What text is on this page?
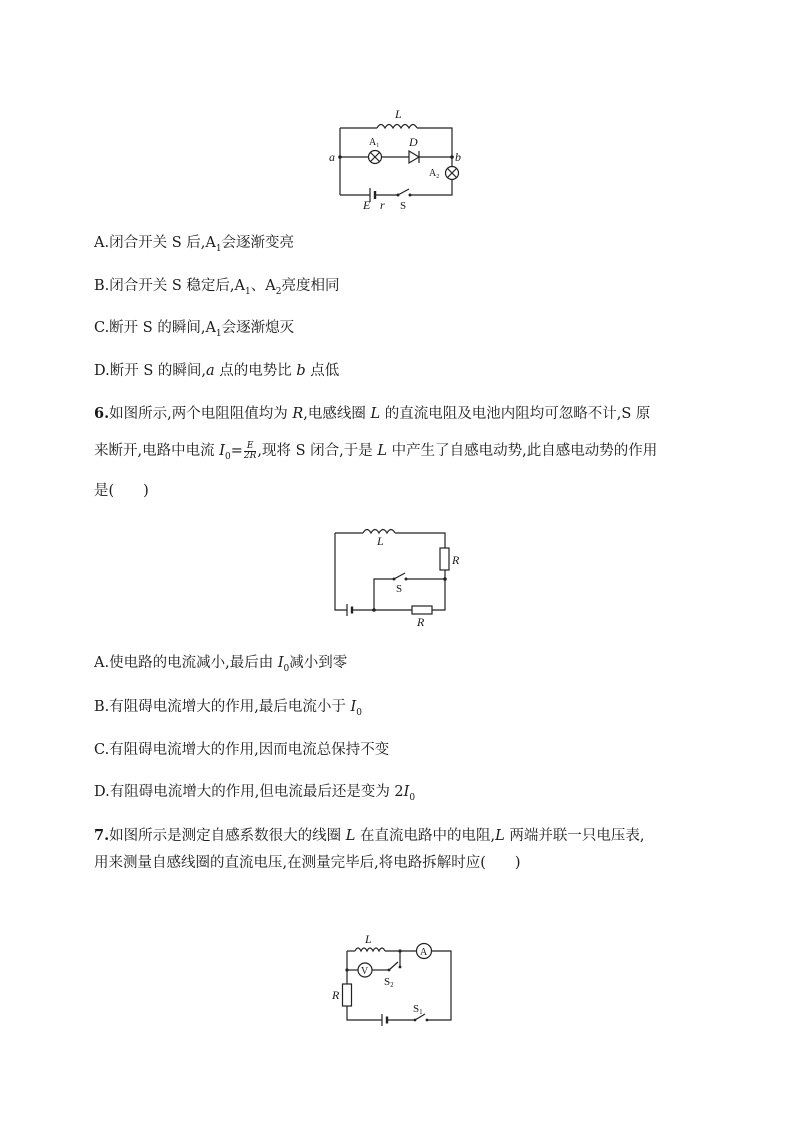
L
a
$A_1$ D
b
$A_2$
E r S
A.闭合开关 S 后$,A_1$会逐渐变亮
B.闭合开关 S 稳定后$,A_1$、$A_2$亮度相同
C.断开 S 的瞬间$,A_1$会逐渐熄灭
D.断开 S 的瞬间,a 点的电势比 b 点低
6.如图所示,两个电阻阻值均为 R,电感线圈 L 的直流电阻及电池内阻均可忽略不计,S 原
来断开,电路中电流 $I_0= \frac{E}{2R}$ ,现将 S 闭合,于是 L 中产生了自感电动势,此自感电动势的作用
是(　　)
L
R
R
S
A.使电路的电流减小,最后由 $I_0$减小到零
B.有阻碍电流增大的作用,最后电流小于 $I_0$
C.有阻碍电流增大的作用,因而电流总保持不变
D.有阻碍电流增大的作用,但电流最后还是变为 $2I_0$
7.如图所示是测定自感系数很大的线圈 L 在直流电路中的电阻,L 两端并联一只电压表,
用来测量自感线圈的直流电压,在测量完毕后,将电路拆解时应(　　)
L
A
V
S2
R
S1
